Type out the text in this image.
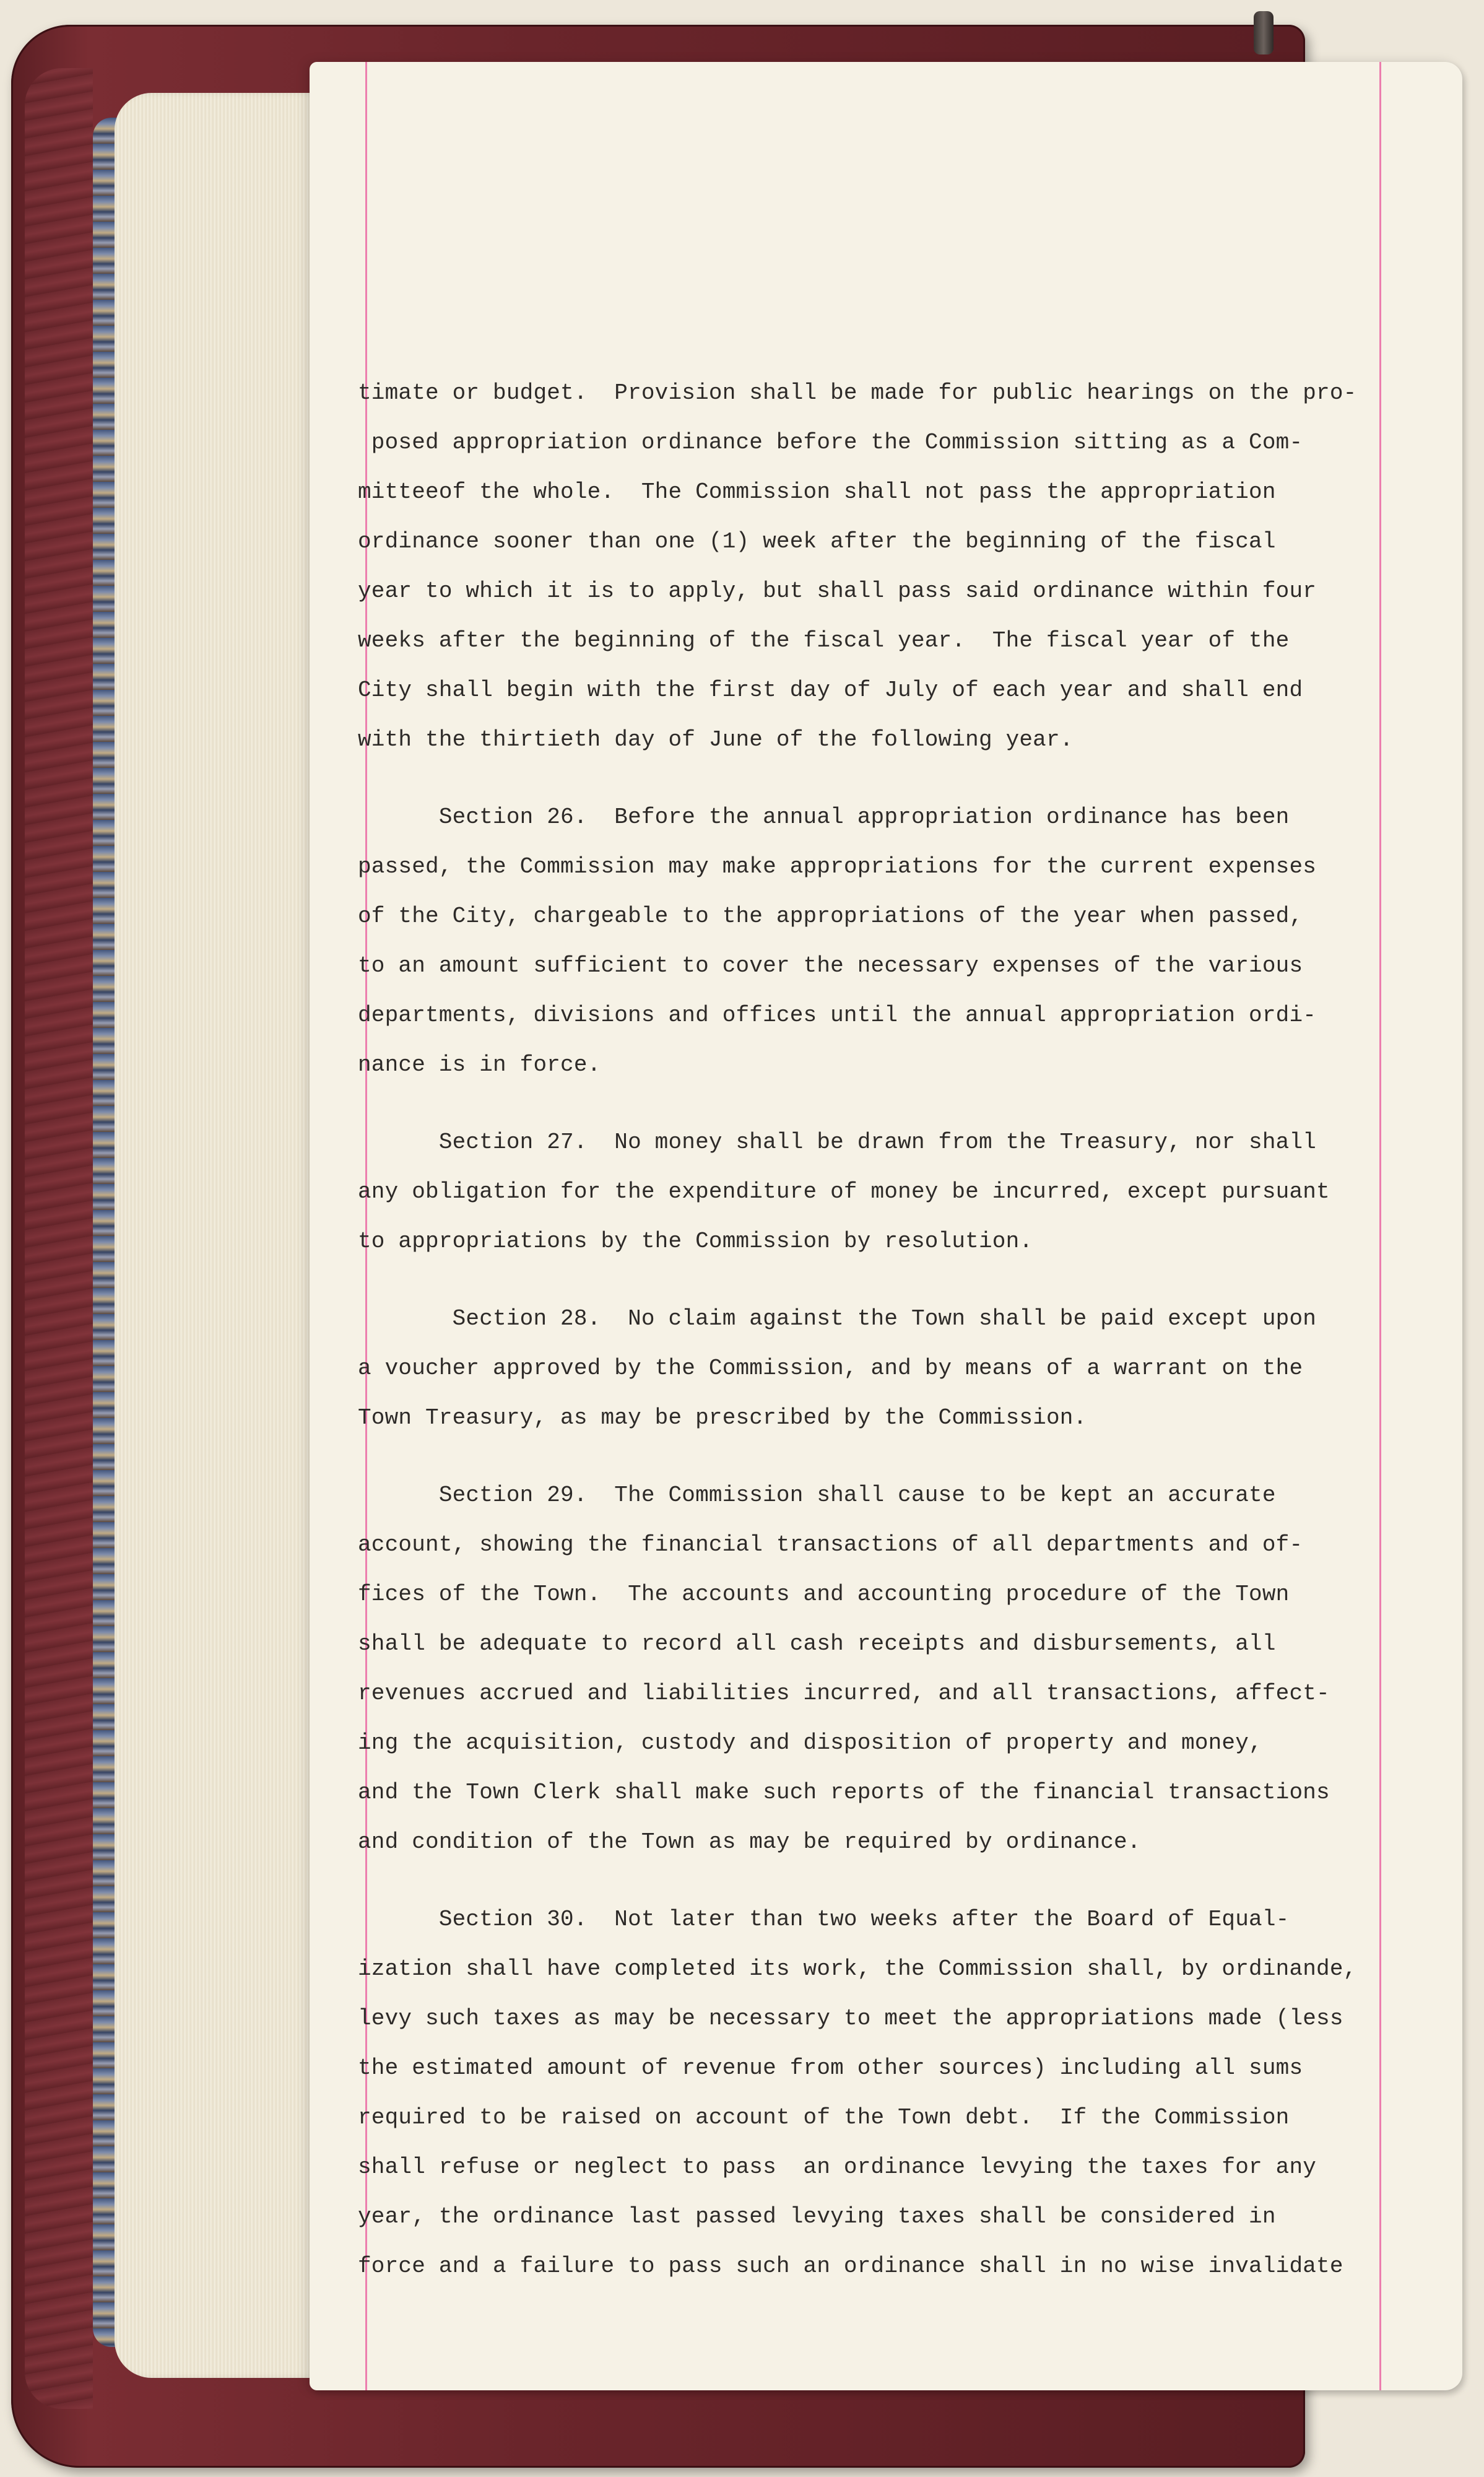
timate or budget.  Provision shall be made for public hearings on the pro-
posed appropriation ordinance before the Commission sitting as a Com-
mitteeof the whole.  The Commission shall not pass the appropriation
ordinance sooner than one (1) week after the beginning of the fiscal
year to which it is to apply, but shall pass said ordinance within four
weeks after the beginning of the fiscal year.  The fiscal year of the
City shall begin with the first day of July of each year and shall end
with the thirtieth day of June of the following year.
Section 26.  Before the annual appropriation ordinance has been
passed, the Commission may make appropriations for the current expenses
of the City, chargeable to the appropriations of the year when passed,
to an amount sufficient to cover the necessary expenses of the various
departments, divisions and offices until the annual appropriation ordi-
nance is in force.
Section 27.  No money shall be drawn from the Treasury, nor shall
any obligation for the expenditure of money be incurred, except pursuant
to appropriations by the Commission by resolution.
Section 28.  No claim against the Town shall be paid except upon
a voucher approved by the Commission, and by means of a warrant on the
Town Treasury, as may be prescribed by the Commission.
Section 29.  The Commission shall cause to be kept an accurate
account, showing the financial transactions of all departments and of-
fices of the Town.  The accounts and accounting procedure of the Town
shall be adequate to record all cash receipts and disbursements, all
revenues accrued and liabilities incurred, and all transactions, affect-
ing the acquisition, custody and disposition of property and money,
and the Town Clerk shall make such reports of the financial transactions
and condition of the Town as may be required by ordinance.
Section 30.  Not later than two weeks after the Board of Equal-
ization shall have completed its work, the Commission shall, by ordinande,
levy such taxes as may be necessary to meet the appropriations made (less
the estimated amount of revenue from other sources) including all sums
required to be raised on account of the Town debt.  If the Commission
shall refuse or neglect to pass  an ordinance levying the taxes for any
year, the ordinance last passed levying taxes shall be considered in
force and a failure to pass such an ordinance shall in no wise invalidate
